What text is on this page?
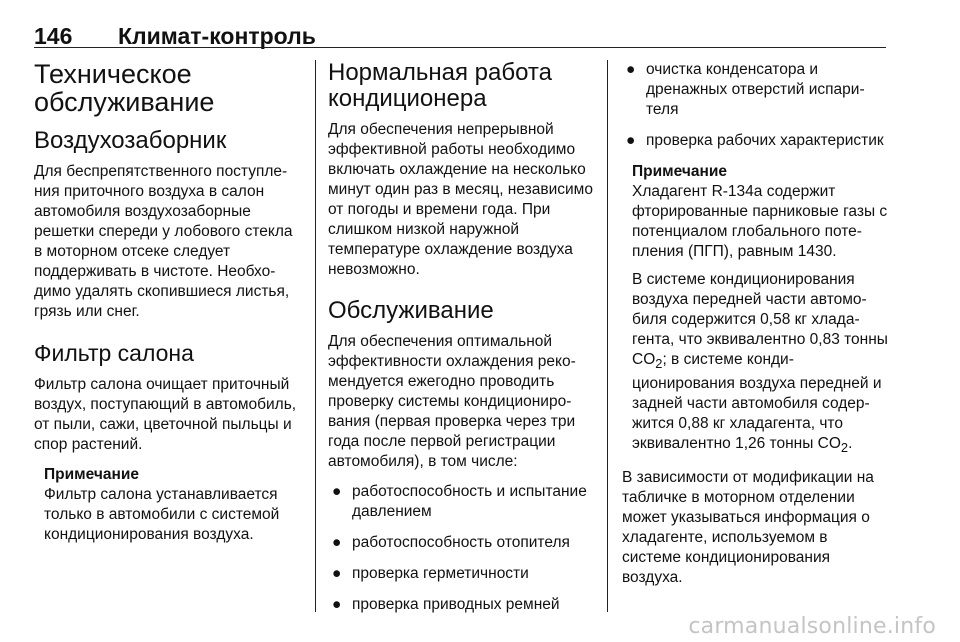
146 Климат-контроль
Техническое обслуживание
Воздухозаборник

Для беспрепятственного поступления приточного воздуха в салон автомобиля воздухозаборные решетки спереди у лобового стекла в моторном отсеке следует поддерживать в чистоте. Необходимо удалять скопившиеся листья, грязь или снег.

Фильтр салона

Фильтр салона очищает приточный воздух, поступающий в автомобиль, от пыли, сажи, цветочной пыльцы и спор растений.

Примечание

Фильтр салона устанавливается только в автомобили с системой кондиционирования воздуха.

Нормальная работа кондиционера

Для обеспечения непрерывной эффективной работы необходимо включать охлаждение на несколько минут один раз в месяц, независимо от погоды и времени года. При слишком низкой наружной температуре охлаждение воздуха невозможно.

Обслуживание

Для обеспечения оптимальной эффективности охлаждения рекомендуется ежегодно проводить проверку системы кондиционирования (первая проверка через три года после первой регистрации автомобиля), в том числе:

● работоспособность и испытание давлением
● работоспособность отопителя
● проверка герметичности
● проверка приводных ремней
● очистка конденсатора и дренажных отверстий испарителя
● проверка рабочих характеристик
Примечание

Хладагент R-134a содержит фторированные парниковые газы с потенциалом глобального потепления (ПГП), равным 1430.

В системе кондиционирования воздуха передней части автомобиля содержится 0,58 кг хладагента, что эквивалентно 0,83 тонны $CO_2$; в системе кондиционирования воздуха передней и задней части автомобиля содержится 0,88 кг хладагента, что эквивалентно 1,26 тонны $CO_2$.

В зависимости от модификации на табличке в моторном отделении может указываться информация о хладагенте, используемом в системе кондиционирования воздуха.

carmanualsonline.info
